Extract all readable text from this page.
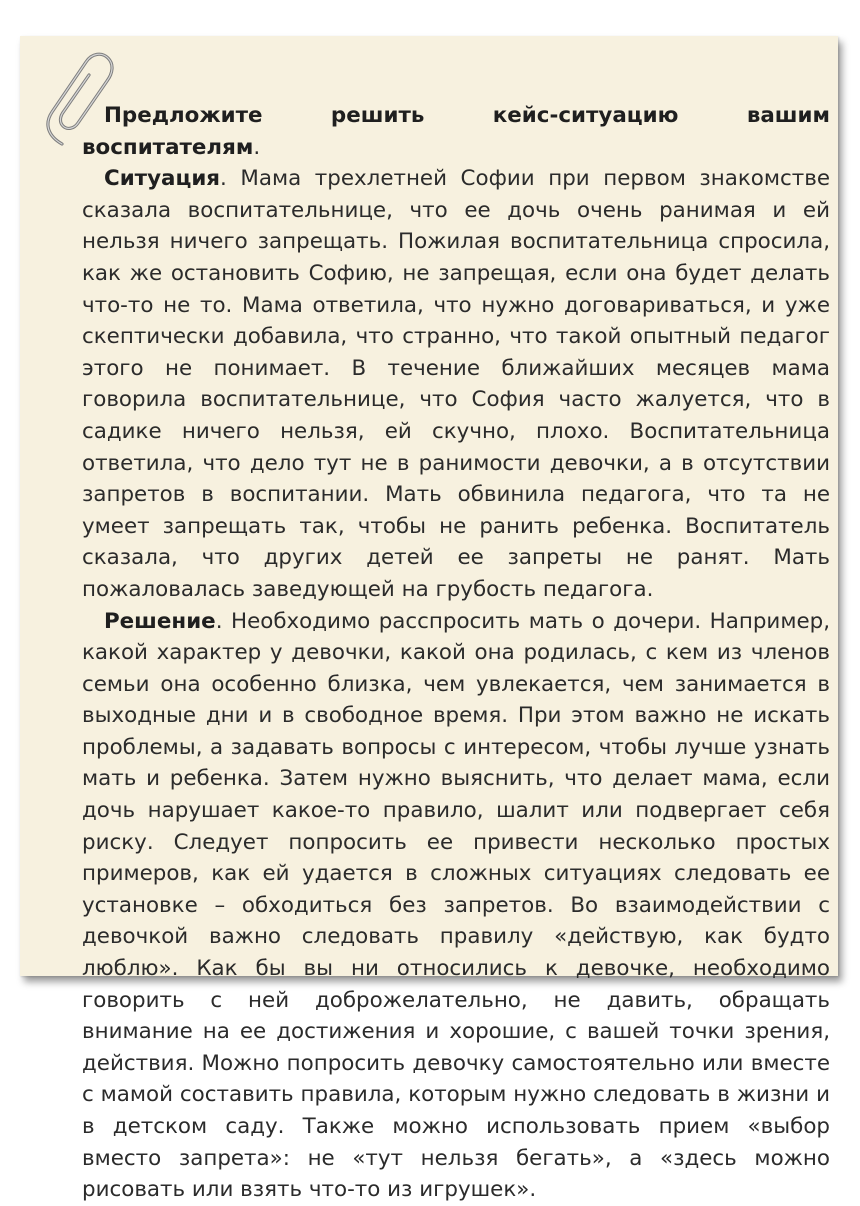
Предложите решить кейс-ситуацию вашим воспитателям.

Ситуация. Мама трехлетней Софии при первом знакомстве сказала воспитательнице, что ее дочь очень ранимая и ей нельзя ничего запрещать. Пожилая воспитательница спросила, как же остановить Софию, не запрещая, если она будет делать что-то не то. Мама ответила, что нужно договариваться, и уже скептически добавила, что странно, что такой опытный педагог этого не понимает. В течение ближайших месяцев мама говорила воспитательнице, что София часто жалуется, что в садике ничего нельзя, ей скучно, плохо. Воспитательница ответила, что дело тут не в ранимости девочки, а в отсутствии запретов в воспитании. Мать обвинила педагога, что та не умеет запрещать так, чтобы не ранить ребенка. Воспитатель сказала, что других детей ее запреты не ранят. Мать пожаловалась заведующей на грубость педагога.

Решение. Необходимо расспросить мать о дочери. Например, какой характер у девочки, какой она родилась, с кем из членов семьи она особенно близка, чем увлекается, чем занимается в выходные дни и в свободное время. При этом важно не искать проблемы, а задавать вопросы с интересом, чтобы лучше узнать мать и ребенка. Затем нужно выяснить, что делает мама, если дочь нарушает какое-то правило, шалит или подвергает себя риску. Следует попросить ее привести несколько простых примеров, как ей удается в сложных ситуациях следовать ее установке – обходиться без запретов. Во взаимодействии с девочкой важно следовать правилу «действую, как будто люблю». Как бы вы ни относились к девочке, необходимо говорить с ней доброжелательно, не давить, обращать внимание на ее достижения и хорошие, с вашей точки зрения, действия. Можно попросить девочку самостоятельно или вместе с мамой составить правила, которым нужно следовать в жизни и в детском саду. Также можно использовать прием «выбор вместо запрета»: не «тут нельзя бегать», а «здесь можно рисовать или взять что-то из игрушек».
